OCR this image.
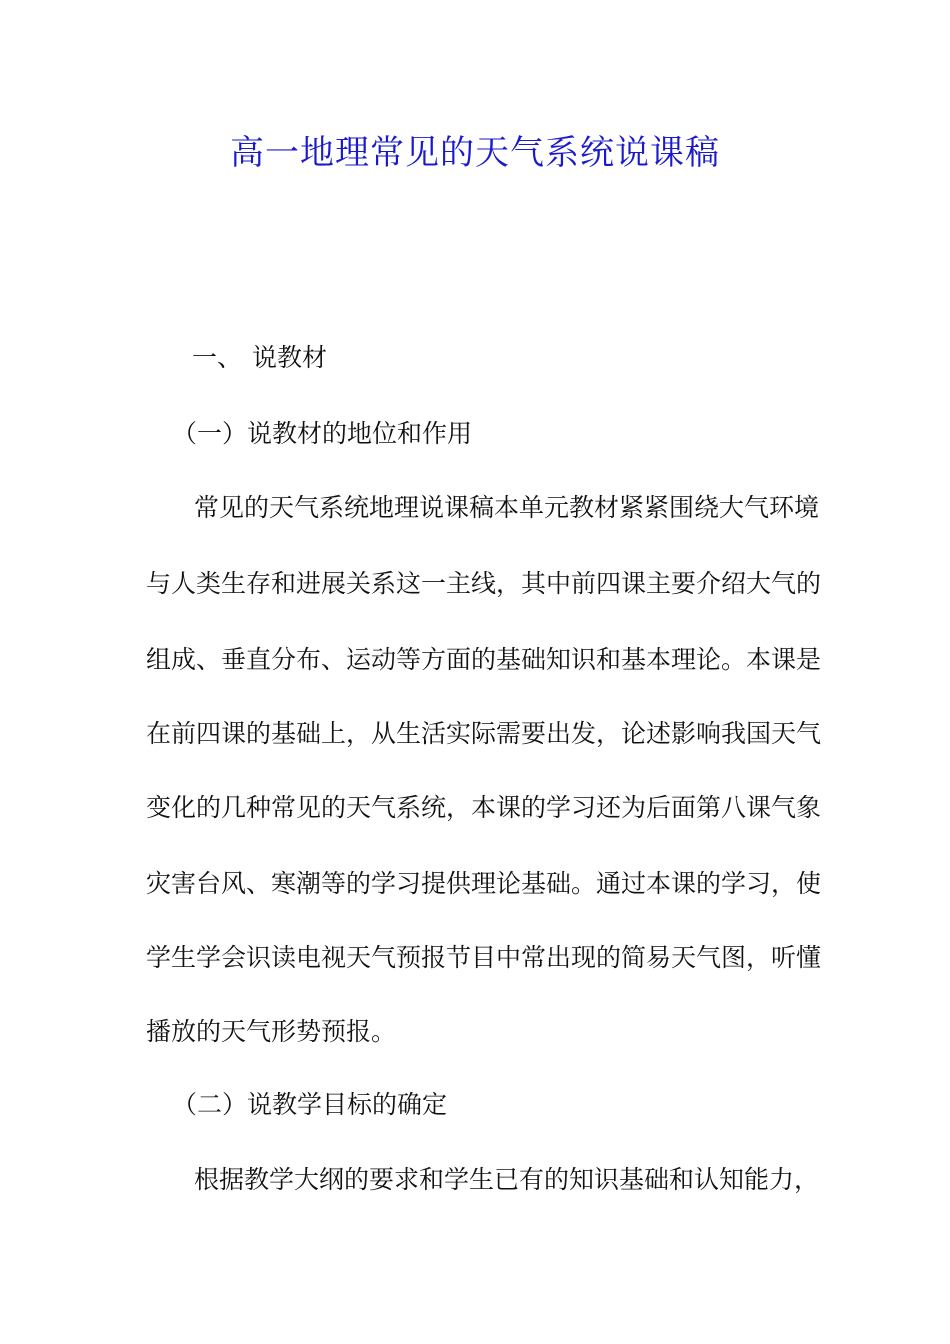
高一地理常见的天气系统说课稿

一、 说教材

（一）说教材的地位和作用

常见的天气系统地理说课稿本单元教材紧紧围绕大气环境
与人类生存和进展关系这一主线，其中前四课主要介绍大气的
组成、垂直分布、运动等方面的基础知识和基本理论。本课是
在前四课的基础上，从生活实际需要出发，论述影响我国天气
变化的几种常见的天气系统，本课的学习还为后面第八课气象
灾害台风、寒潮等的学习提供理论基础。通过本课的学习，使
学生学会识读电视天气预报节目中常出现的简易天气图，听懂
播放的天气形势预报。

（二）说教学目标的确定

根据教学大纲的要求和学生已有的知识基础和认知能力，
